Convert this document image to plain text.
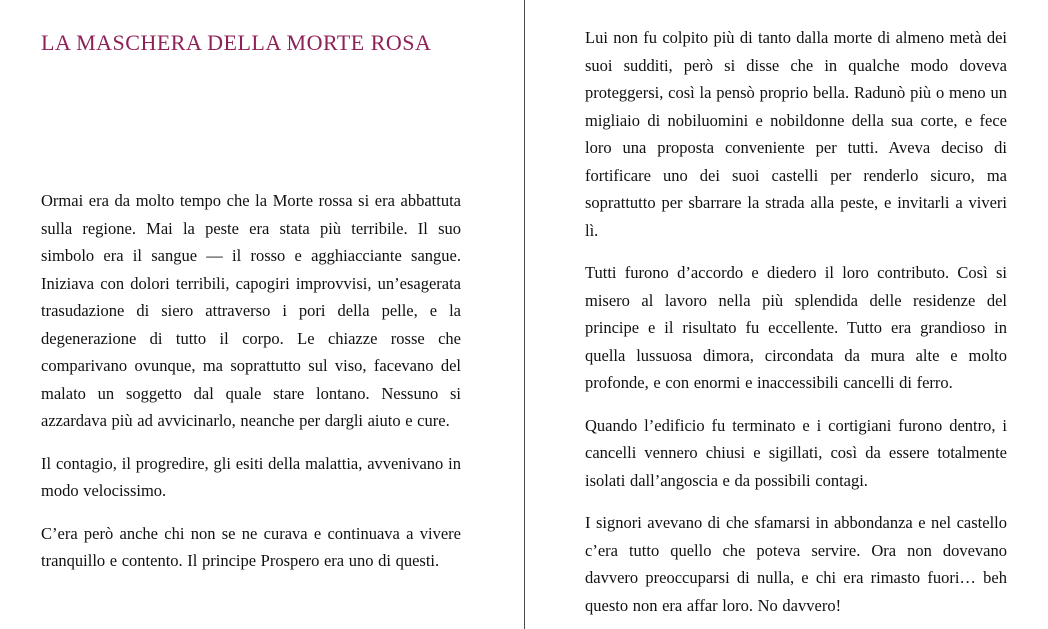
LA MASCHERA DELLA MORTE ROSA

Ormai era da molto tempo che la Morte rossa si era abbattuta sulla regione. Mai la peste era stata più terribile. Il suo simbolo era il sangue — il rosso e agghiacciante sangue. Iniziava con dolori terribili, capogiri improvvisi, un’esagerata trasudazione di siero attraverso i pori della pelle, e la degenerazione di tutto il corpo. Le chiazze rosse che comparivano ovunque, ma soprattutto sul viso, facevano del malato un soggetto dal quale stare lontano. Nessuno si azzardava più ad avvicinarlo, neanche per dargli aiuto e cure.

Il contagio, il progredire, gli esiti della malattia, avvenivano in modo velocissimo.

C’era però anche chi non se ne curava e continuava a vivere tranquillo e contento. Il principe Prospero era uno di questi.

Lui non fu colpito più di tanto dalla morte di almeno metà dei suoi sudditi, però si disse che in qualche modo doveva proteggersi, così la pensò proprio bella. Radunò più o meno un migliaio di nobiluomini e nobildonne della sua corte, e fece loro una proposta conveniente per tutti. Aveva deciso di fortificare uno dei suoi castelli per renderlo sicuro, ma soprattutto per sbarrare la strada alla peste, e invitarli a viveri lì.

Tutti furono d’accordo e diedero il loro contributo. Così si misero al lavoro nella più splendida delle residenze del principe e il risultato fu eccellente. Tutto era grandioso in quella lussuosa dimora, circondata da mura alte e molto profonde, e con enormi e inaccessibili cancelli di ferro.

Quando l’edificio fu terminato e i cortigiani furono dentro, i cancelli vennero chiusi e sigillati, così da essere totalmente isolati dall’angoscia e da possibili contagi.

I signori avevano di che sfamarsi in abbondanza e nel castello c’era tutto quello che poteva servire. Ora non dovevano davvero preoccuparsi di nulla, e chi era rimasto fuori… beh questo non era affar loro. No davvero!
